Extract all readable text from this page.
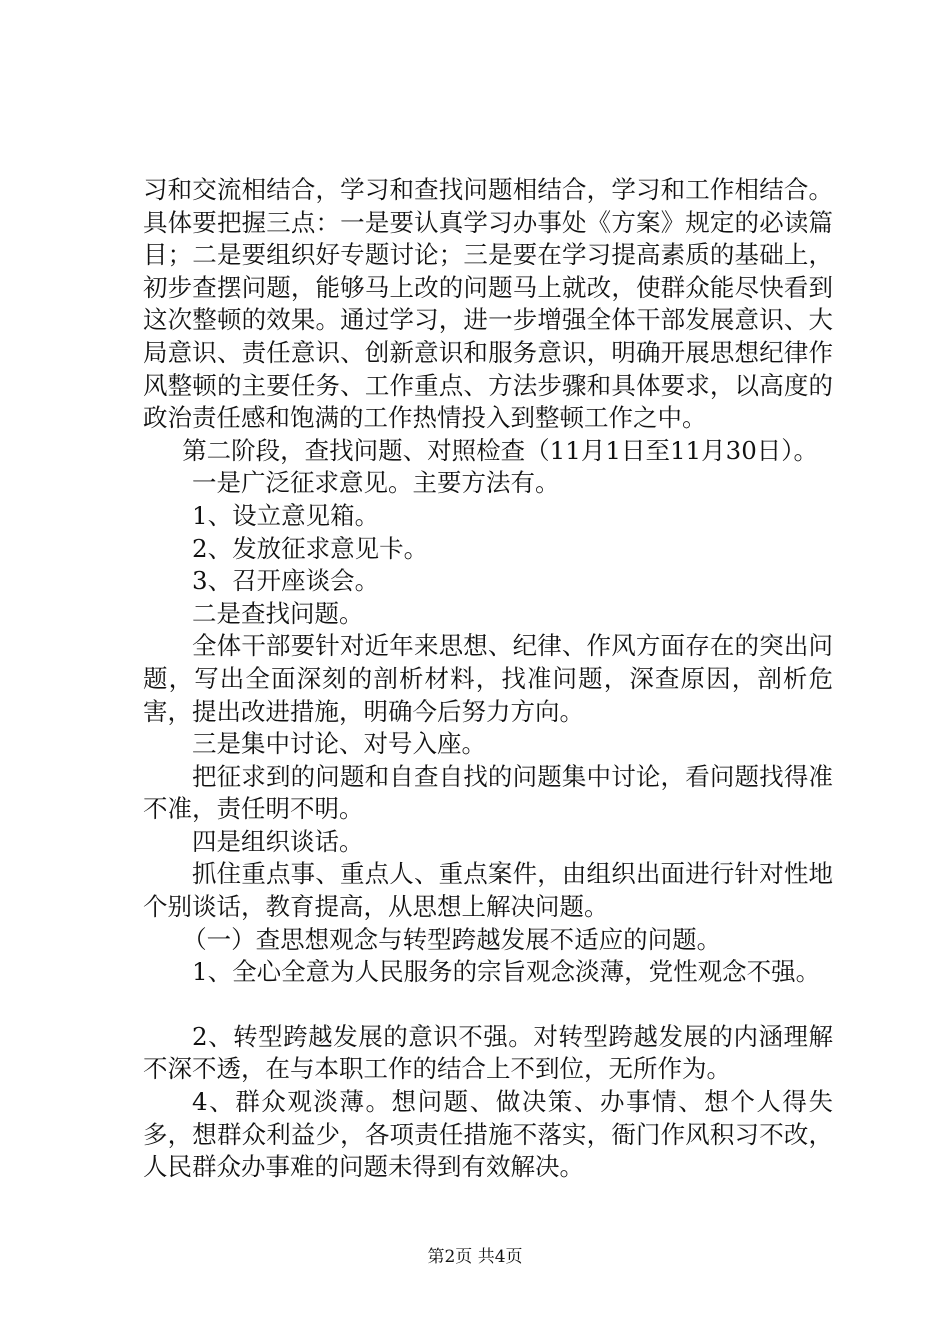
习和交流相结合，学习和查找问题相结合，学习和工作相结合。具体要把握三点：一是要认真学习办事处《方案》规定的必读篇目；二是要组织好专题讨论；三是要在学习提高素质的基础上，初步查摆问题，能够马上改的问题马上就改，使群众能尽快看到这次整顿的效果。通过学习，进一步增强全体干部发展意识、大局意识、责任意识、创新意识和服务意识，明确开展思想纪律作风整顿的主要任务、工作重点、方法步骤和具体要求，以高度的政治责任感和饱满的工作热情投入到整顿工作之中。

第二阶段，查找问题、对照检查（11月1日至11月30日）。

一是广泛征求意见。主要方法有。

1、设立意见箱。

2、发放征求意见卡。

3、召开座谈会。

二是查找问题。

全体干部要针对近年来思想、纪律、作风方面存在的突出问题，写出全面深刻的剖析材料，找准问题，深查原因，剖析危害，提出改进措施，明确今后努力方向。

三是集中讨论、对号入座。

把征求到的问题和自查自找的问题集中讨论，看问题找得准不准，责任明不明。

四是组织谈话。

抓住重点事、重点人、重点案件，由组织出面进行针对性地个别谈话，教育提高，从思想上解决问题。

（一）查思想观念与转型跨越发展不适应的问题。

1、全心全意为人民服务的宗旨观念淡薄，党性观念不强。

2、转型跨越发展的意识不强。对转型跨越发展的内涵理解不深不透，在与本职工作的结合上不到位，无所作为。

4、群众观淡薄。想问题、做决策、办事情、想个人得失多，想群众利益少，各项责任措施不落实，衙门作风积习不改，人民群众办事难的问题未得到有效解决。

第2页 共4页
